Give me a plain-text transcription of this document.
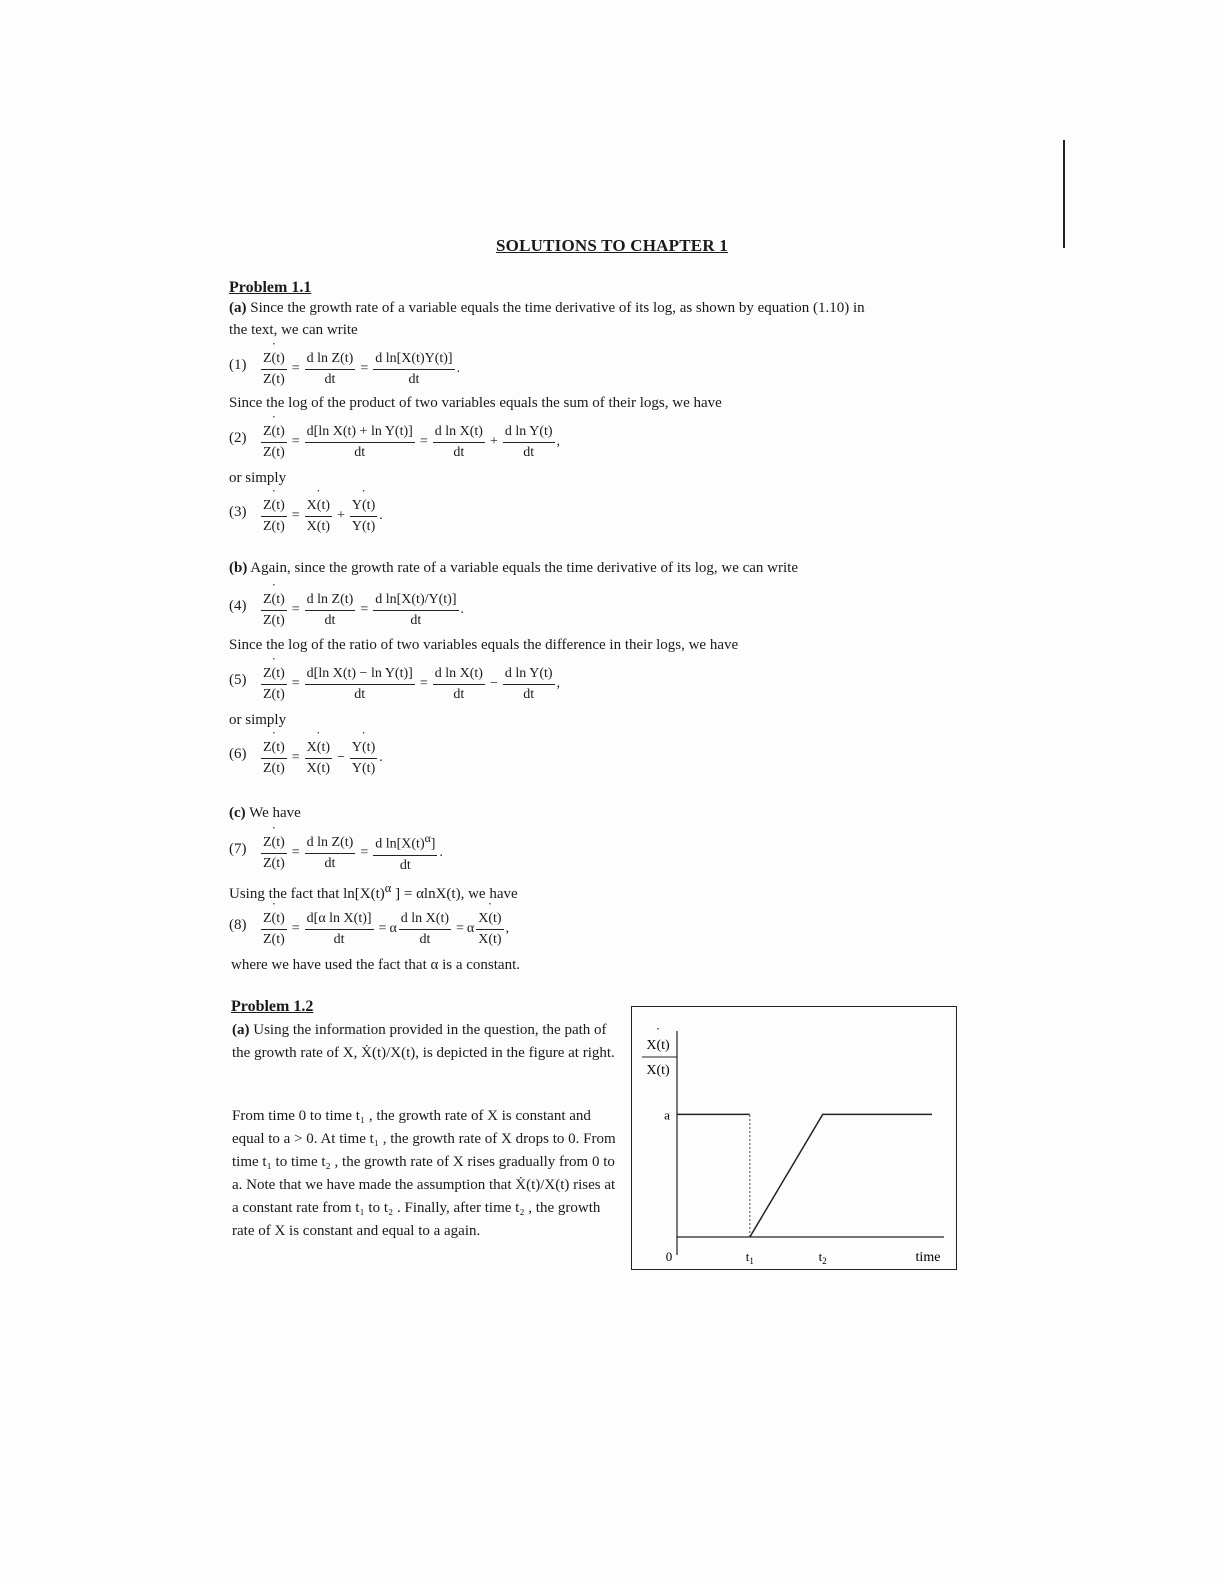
SOLUTIONS TO CHAPTER 1
Problem 1.1
(a) Since the growth rate of a variable equals the time derivative of its log, as shown by equation (1.10) in
the text, we can write
(1) ˙ $\frac{Z(t)}{Z(t)} = \frac{\text{d ln Z(t)}}{dt} = \frac{\text{d ln[X(t)Y(t)]}}{dt}$ .
Since the log of the product of two variables equals the sum of their logs, we have
(2) ˙ $\frac{Z(t)}{Z(t)} = \frac{\text{d[ln X(t) + ln Y(t)]}}{dt} = \frac{\text{d ln X(t)}}{dt} + \frac{\text{d ln Y(t)}}{dt}$ ,
or simply
(3) ˙ $\frac{Z(t)}{Z(t)}$ = ˙ $\frac{X(t)}{X(t)}$ + ˙ $\frac{Y(t)}{Y(t)}$ .
(b) Again, since the growth rate of a variable equals the time derivative of its log, we can write
(4) ˙ $\frac{Z(t)}{Z(t)} = \frac{\text{d ln Z(t)}}{dt} = \frac{\text{d ln[X(t)/Y(t)]}}{dt}$ .
Since the log of the ratio of two variables equals the difference in their logs, we have
(5) ˙ $\frac{Z(t)}{Z(t)} = \frac{\text{d[ln X(t) − ln Y(t)]}}{dt} = \frac{\text{d ln X(t)}}{dt} - \frac{\text{d ln Y(t)}}{dt}$ ,
or simply
(6) ˙ $\frac{Z(t)}{Z(t)}$ = ˙ $\frac{X(t)}{X(t)}$ − ˙ $\frac{Y(t)}{Y(t)}$ .
(c) We have
(7) ˙ $\frac{Z(t)}{Z(t)} = \frac{\text{d ln Z(t)}}{dt} = \frac{d \ln[X(t)^\alpha]}{dt}$ .
Using the fact that $\ln[X(t)^\alpha$ ] = αlnX(t), we have
(8) ˙ $\frac{Z(t)}{Z(t)} = \frac{\text{d[α ln X(t)]}}{dt} = \alpha \frac{\text{d ln X(t)}}{dt} = \alpha$ ˙ $\frac{X(t)}{X(t)}$ ,
where we have used the fact that α is a constant.
Problem 1.2
(a) Using the information provided in the question, the path of the growth rate of X, Ẋ(t)/X(t), is depicted in the figure at right.
From time 0 to time t₁ , the growth rate of X is constant and equal to a > 0. At time t₁ , the growth rate of X drops to 0. From time t₁ to time t₂ , the growth rate of X rises gradually from 0 to a. Note that we have made the assumption that Ẋ(t)/X(t) rises at a constant rate from t₁ to t₂ . Finally, after time t₂ , the growth rate of X is constant and equal to a again.
X(t)
˙
X(t)
a
0	$t_1$	$t_2$	time
